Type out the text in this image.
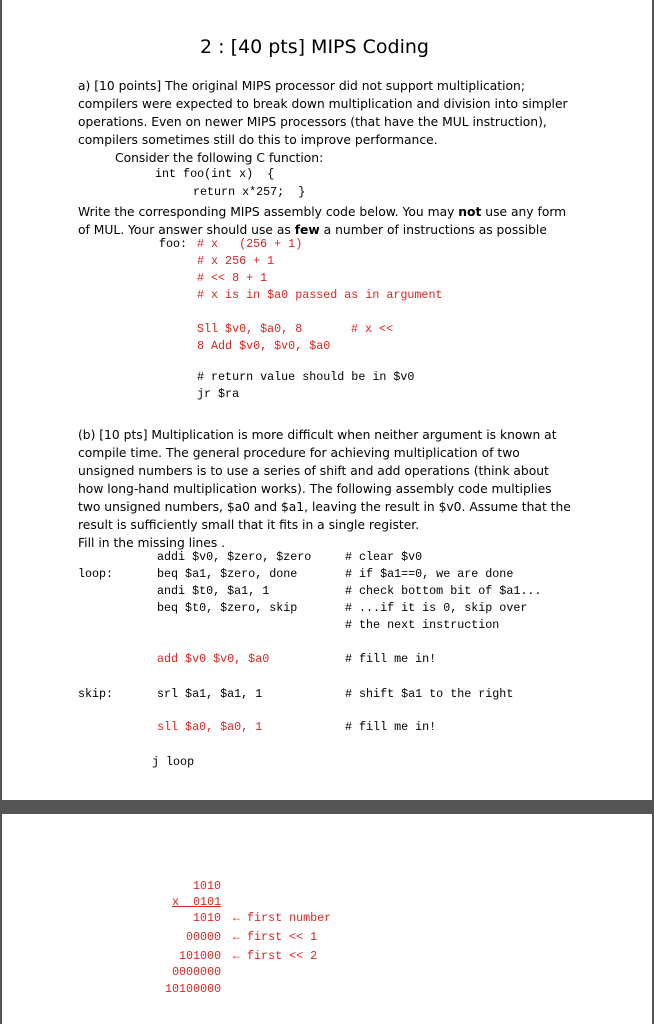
2 : [40 pts] MIPS Coding
a) [10 points] The original MIPS processor did not support multiplication;
compilers were expected to break down multiplication and division into simpler
operations. Even on newer MIPS processors (that have the MUL instruction),
compilers sometimes still do this to improve performance.
Consider the following C function:
int foo(int x)  {
return x*257;  }
Write the corresponding MIPS assembly code below. You may not use any form
of MUL. Your answer should use as few a number of instructions as possible
foo: # x   (256 + 1)
# x 256 + 1
# << 8 + 1
# x is in $a0 passed as in argument
Sll $v0, $a0, 8	# x <<
8 Add $v0, $v0, $a0
# return value should be in $v0
jr $ra
(b) [10 pts] Multiplication is more difficult when neither argument is known at
compile time. The general procedure for achieving multiplication of two
unsigned numbers is to use a series of shift and add operations (think about
how long-hand multiplication works). The following assembly code multiplies
two unsigned numbers, $a0 and $a1, leaving the result in $v0. Assume that the
result is sufficiently small that it fits in a single register.
Fill in the missing lines .
loop:
skip:
addi $v0, $zero, $zero
beq $a1, $zero, done
andi $t0, $a1, 1
beq $t0, $zero, skip
add $v0 $v0, $a0
srl $a1, $a1, 1
sll $a0, $a0, 1
j loop
# clear $v0
# if $a1==0, we are done
# check bottom bit of $a1...
# ...if it is 0, skip over
# the next instruction
# fill me in!
# shift $a1 to the right
# fill me in!
1010
x  0101
1010
00000
101000
0000000
10100000
← first number
← first << 1
← first << 2
